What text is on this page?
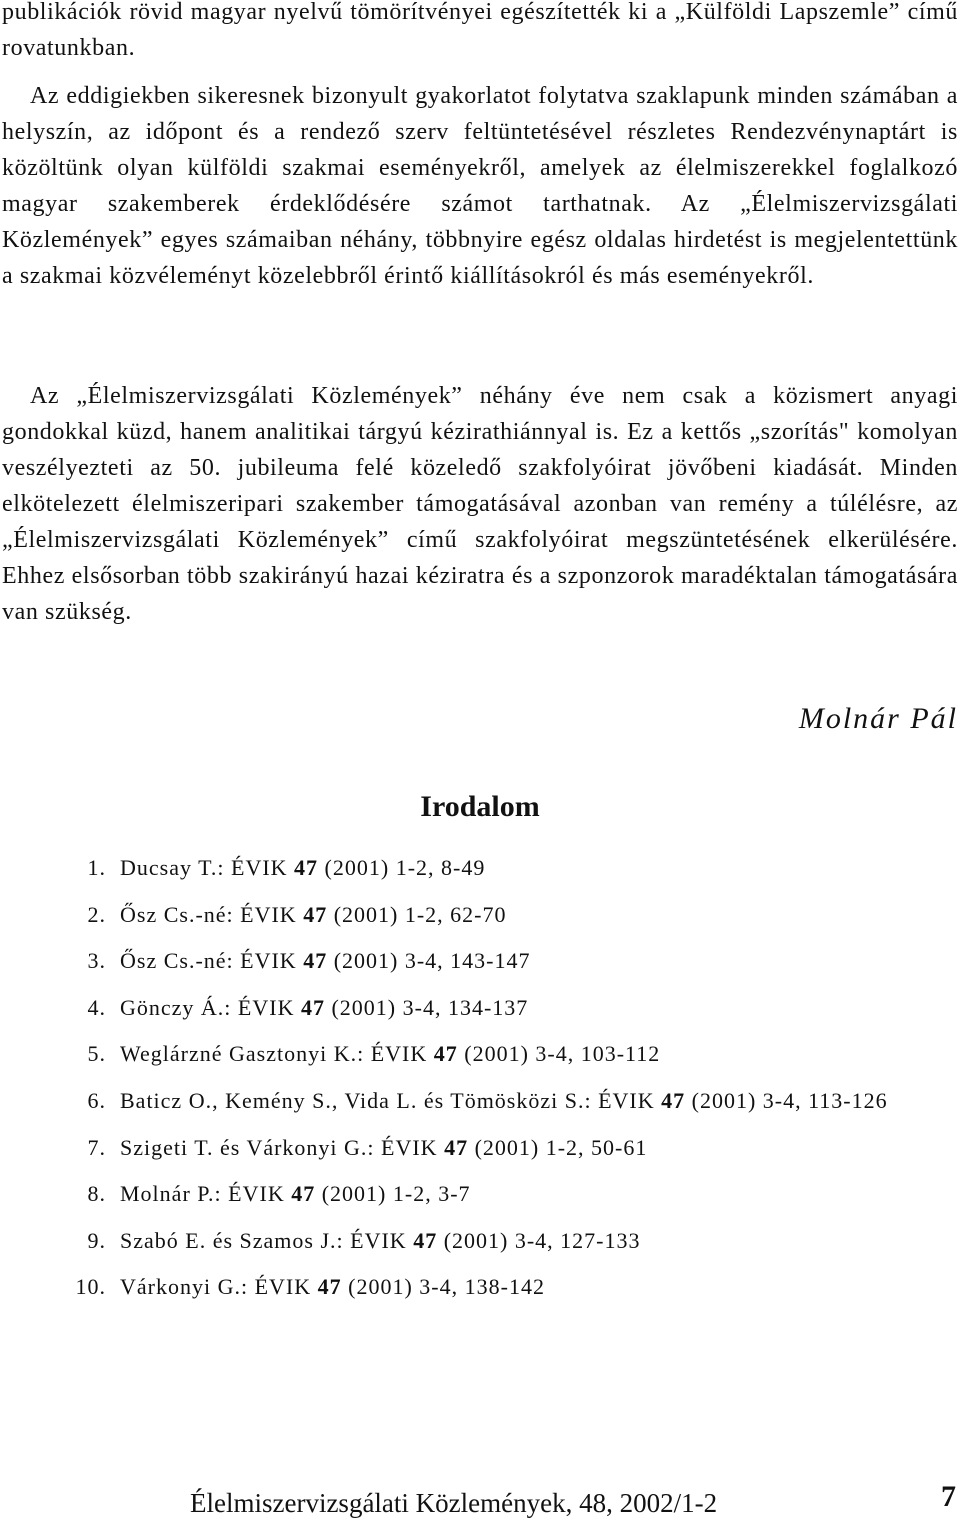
publikációk rövid magyar nyelvű tömörítvényei egészítették ki a „Külföldi Lapszemle” című rovatunkban.

Az eddigiekben sikeresnek bizonyult gyakorlatot folytatva szaklapunk minden számában a helyszín, az időpont és a rendező szerv feltüntetésével részletes Rendezvénynaptárt is közöltünk olyan külföldi szakmai eseményekről, amelyek az élelmiszerekkel foglalkozó magyar szakemberek érdeklődésére számot tarthatnak. Az „Élelmiszervizsgálati Közlemények” egyes számaiban néhány, többnyire egész oldalas hirdetést is megjelentettünk a szakmai közvéleményt közelebbről érintő kiállításokról és más eseményekről.

Az „Élelmiszervizsgálati Közlemények” néhány éve nem csak a közismert anyagi gondokkal küzd, hanem analitikai tárgyú kézirathiánnyal is. Ez a kettős „szorítás" komolyan veszélyezteti az 50. jubileuma felé közeledő szakfolyóirat jövőbeni kiadását. Minden elkötelezett élelmiszeripari szakember támogatásával azonban van remény a túlélésre, az „Élelmiszervizsgálati Közlemények” című szakfolyóirat megszüntetésének elkerülésére. Ehhez elsősorban több szakirányú hazai kéziratra és a szponzorok maradéktalan támogatására van szükség.

Molnár Pál

Irodalom
1. Ducsay T.: ÉVIK 47 (2001) 1-2, 8-49
2. Ősz Cs.-né: ÉVIK 47 (2001) 1-2, 62-70
3. Ősz Cs.-né: ÉVIK 47 (2001) 3-4, 143-147
4. Gönczy Á.: ÉVIK 47 (2001) 3-4, 134-137
5. Weglárzné Gasztonyi K.: ÉVIK 47 (2001) 3-4, 103-112
6. Baticz O., Kemény S., Vida L. és Tömösközi S.: ÉVIK 47 (2001) 3-4, 113-126
7. Szigeti T. és Várkonyi G.: ÉVIK 47 (2001) 1-2, 50-61
8. Molnár P.: ÉVIK 47 (2001) 1-2, 3-7
9. Szabó E. és Szamos J.: ÉVIK 47 (2001) 3-4, 127-133
10. Várkonyi G.: ÉVIK 47 (2001) 3-4, 138-142

Élelmiszervizsgálati Közlemények, 48, 2002/1-2	7
